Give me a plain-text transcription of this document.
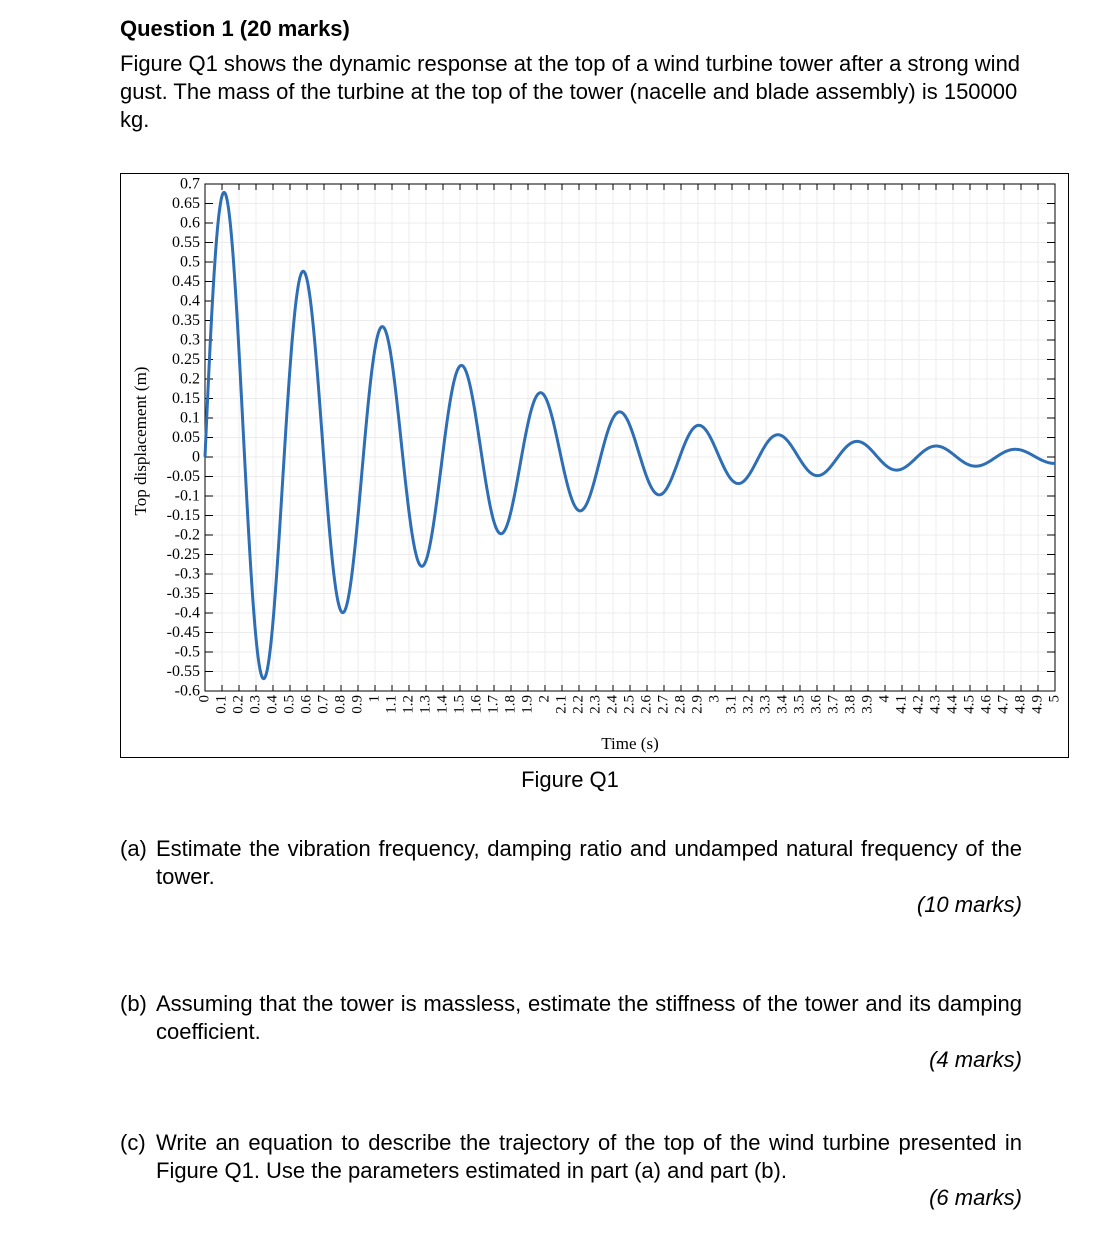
Question 1 (20 marks)
Figure Q1 shows the dynamic response at the top of a wind turbine tower after a strong wind gust. The mass of the turbine at the top of the tower (nacelle and blade assembly) is 150000 kg.
0 0.1 0.2 0.3 0.4 0.5 0.6 0.7 0.8 0.9 1 1.1 1.2 1.3 1.4 1.5 1.6 1.7 1.8 1.9 2 2.1 2.2 2.3 2.4 2.5 2.6 2.7 2.8 2.9 3 3.1 3.2 3.3 3.4 3.5 3.6 3.7 3.8 3.9 4 4.1 4.2 4.3 4.4 4.5 4.6 4.7 4.8 4.9 5
-0.6
-0.55
-0.5
-0.45
-0.4
-0.35
-0.3
-0.25
-0.2
-0.15
-0.1
-0.05
0
0.05
0.1
0.15
0.2
0.25
0.3
0.35
0.4
0.45
0.5
0.55
0.6
0.65
0.7
Time (s)
Top displacement (m)
Figure Q1
(a) Estimate the vibration frequency, damping ratio and undamped natural frequency of the tower.
(10 marks)
(b) Assuming that the tower is massless, estimate the stiffness of the tower and its damping coefficient.
(4 marks)
(c) Write an equation to describe the trajectory of the top of the wind turbine presented in Figure Q1. Use the parameters estimated in part (a) and part (b).
(6 marks)
